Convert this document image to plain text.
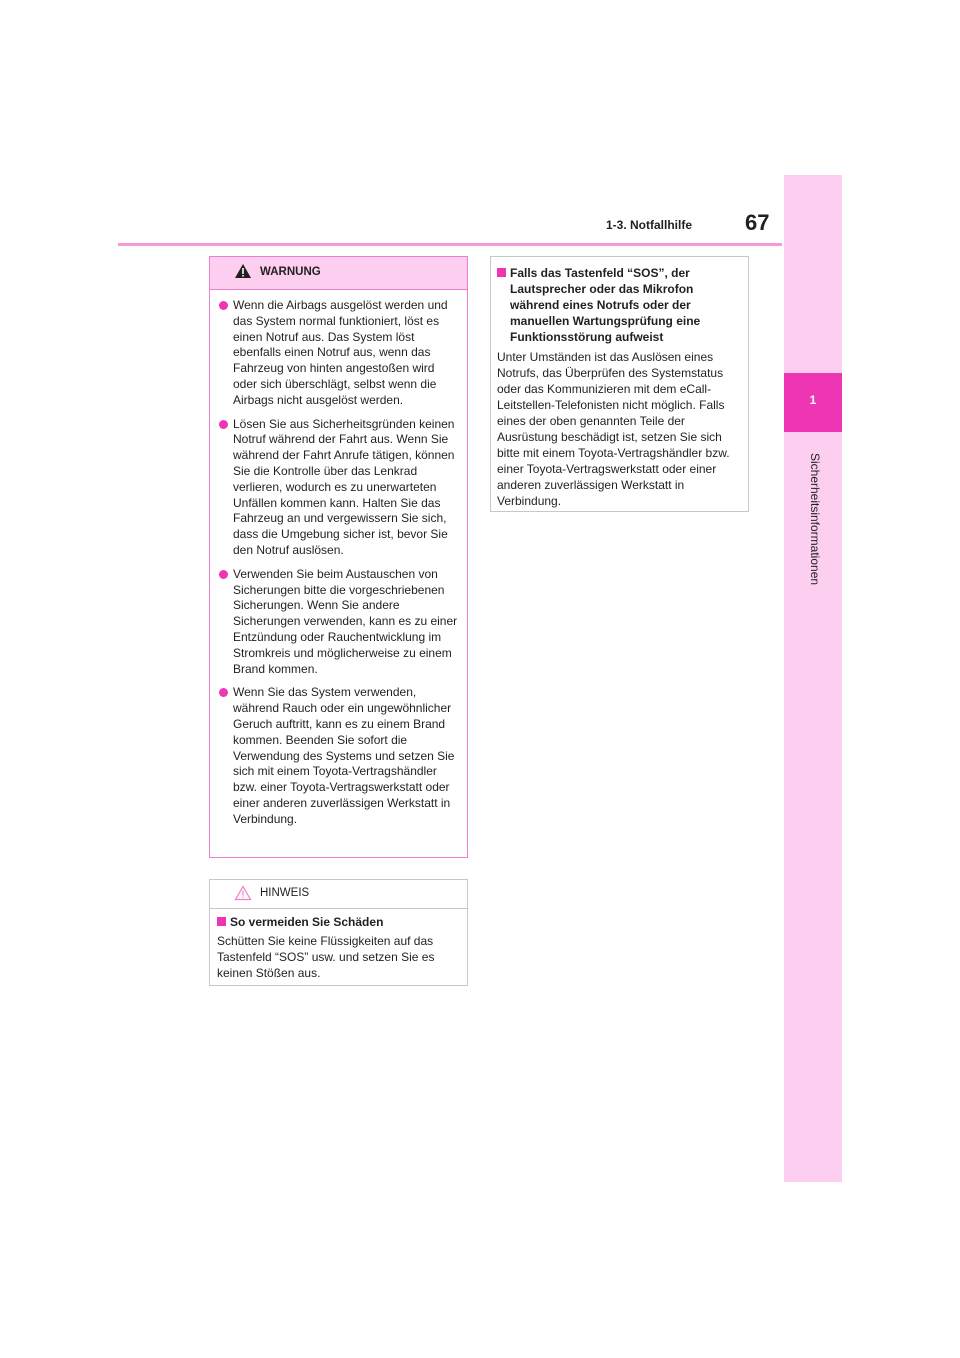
1
Sicherheitsinformationen
1-3. Notfallhilfe 67
WARNUNG
Wenn die Airbags ausgelöst werden und das System normal funktioniert, löst es einen Notruf aus. Das System löst ebenfalls einen Notruf aus, wenn das Fahrzeug von hinten angestoßen wird oder sich überschlägt, selbst wenn die Airbags nicht ausgelöst werden.
Lösen Sie aus Sicherheitsgründen keinen Notruf während der Fahrt aus. Wenn Sie während der Fahrt Anrufe tätigen, können Sie die Kontrolle über das Lenkrad verlieren, wodurch es zu unerwarteten Unfällen kommen kann. Halten Sie das Fahrzeug an und vergewissern Sie sich, dass die Umgebung sicher ist, bevor Sie den Notruf auslösen.
Verwenden Sie beim Austauschen von Sicherungen bitte die vorgeschriebenen Sicherungen. Wenn Sie andere Sicherungen verwenden, kann es zu einer Entzündung oder Rauchentwicklung im Stromkreis und möglicherweise zu einem Brand kommen.
Wenn Sie das System verwenden, während Rauch oder ein ungewöhnlicher Geruch auftritt, kann es zu einem Brand kommen. Beenden Sie sofort die Verwendung des Systems und setzen Sie sich mit einem Toyota-Vertragshändler bzw. einer Toyota-Vertragswerkstatt oder einer anderen zuverlässigen Werkstatt in Verbindung.
HINWEIS
So vermeiden Sie Schäden
Schütten Sie keine Flüssigkeiten auf das Tastenfeld “SOS” usw. und setzen Sie es keinen Stößen aus.
Falls das Tastenfeld “SOS”, der Lautsprecher oder das Mikrofon während eines Notrufs oder der manuellen Wartungsprüfung eine Funktionsstörung aufweist
Unter Umständen ist das Auslösen eines Notrufs, das Überprüfen des Systemstatus oder das Kommunizieren mit dem eCall-Leitstellen-Telefonisten nicht möglich. Falls eines der oben genannten Teile der Ausrüstung beschädigt ist, setzen Sie sich bitte mit einem Toyota-Vertragshändler bzw. einer Toyota-Vertragswerkstatt oder einer anderen zuverlässigen Werkstatt in Verbindung.
